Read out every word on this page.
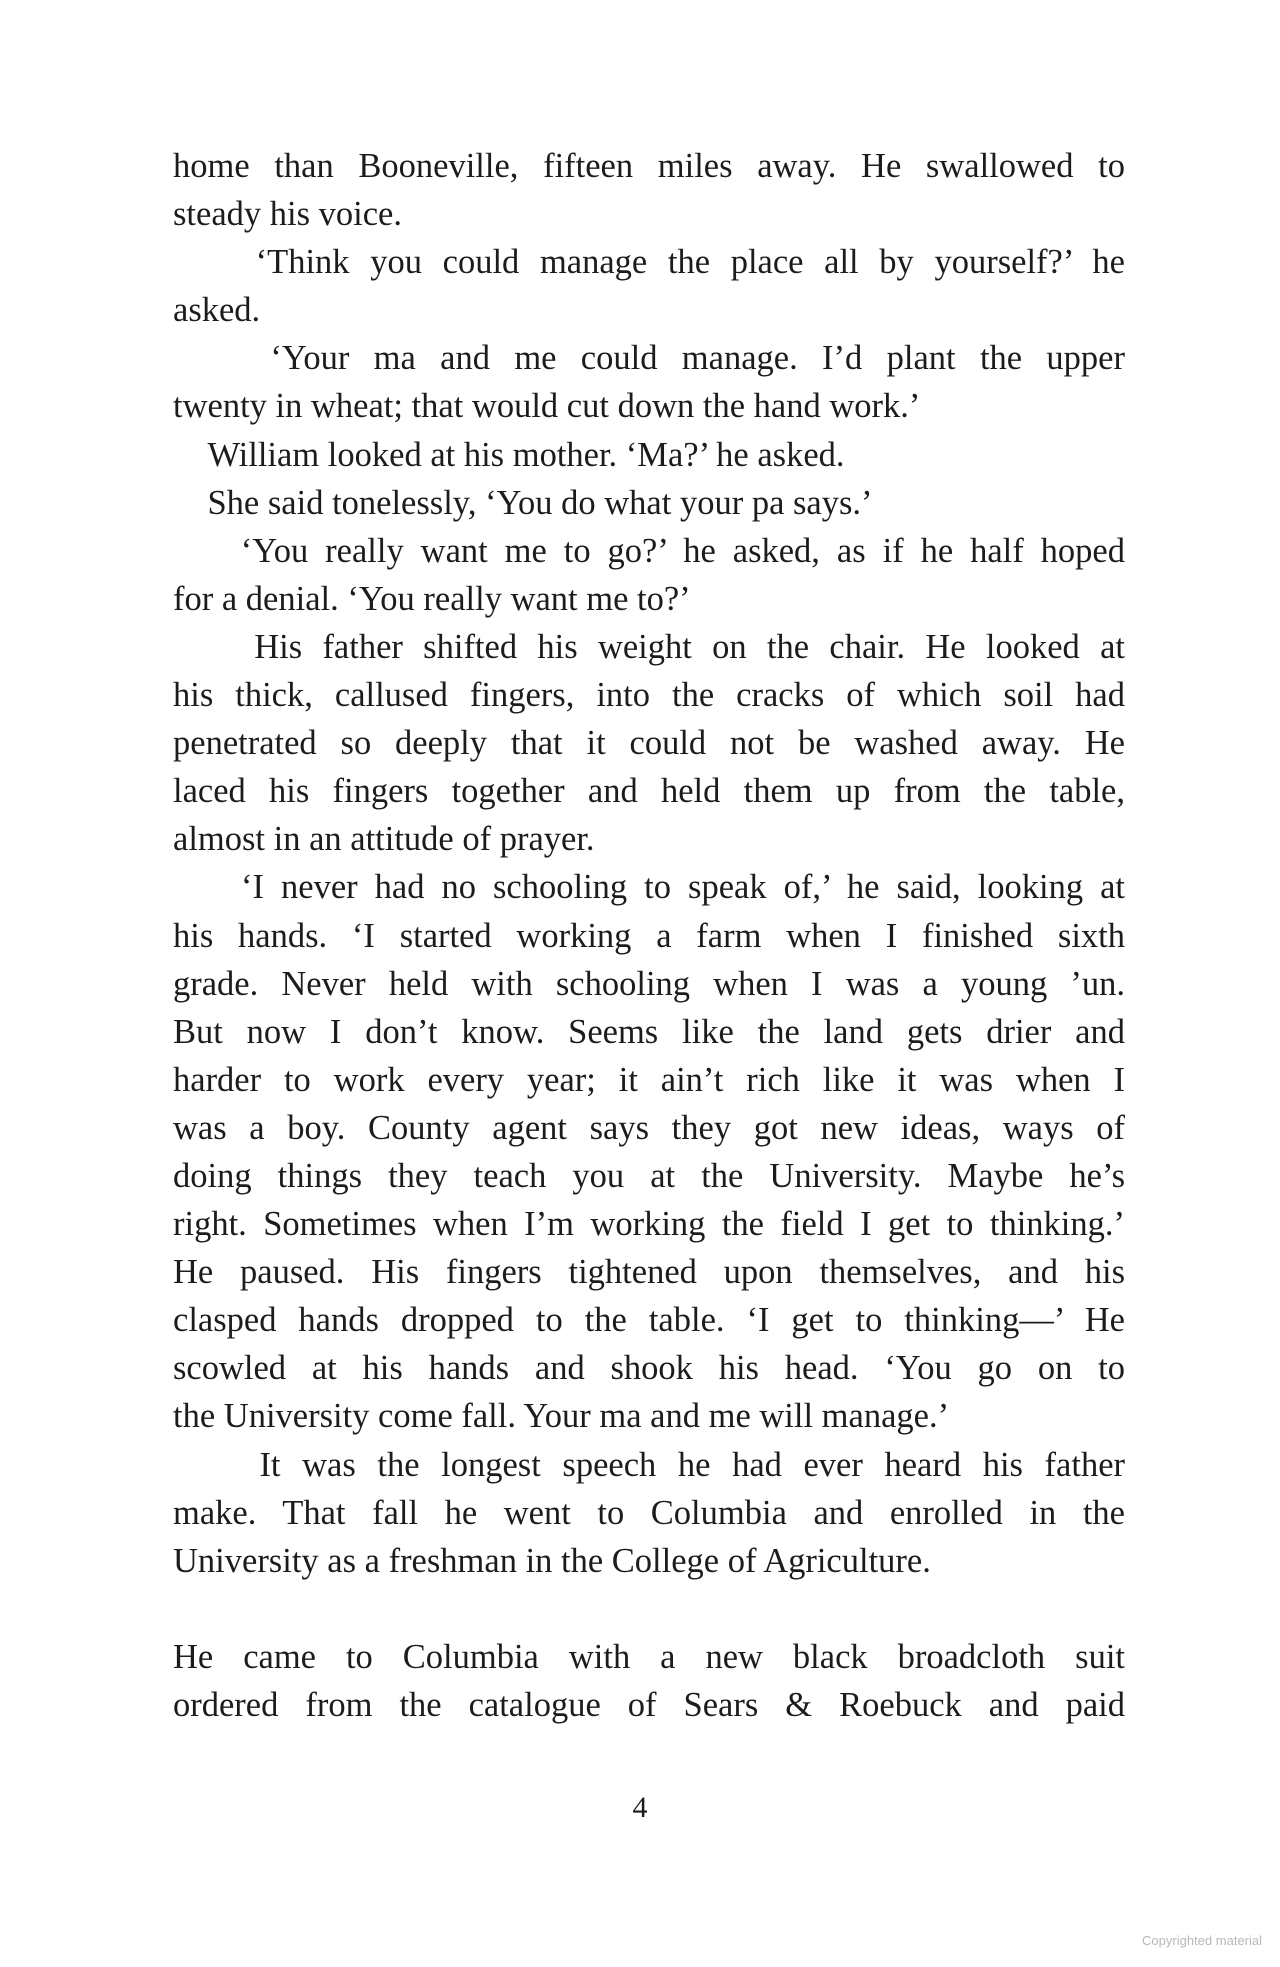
home than Booneville, fifteen miles away. He swallowed to
steady his voice.
‘Think you could manage the place all by yourself?’ he
asked.
‘Your ma and me could manage. I’d plant the upper
twenty in wheat; that would cut down the hand work.’
William looked at his mother. ‘Ma?’ he asked.
She said tonelessly, ‘You do what your pa says.’
‘You really want me to go?’ he asked, as if he half hoped
for a denial. ‘You really want me to?’
His father shifted his weight on the chair. He looked at
his thick, callused fingers, into the cracks of which soil had
penetrated so deeply that it could not be washed away. He
laced his fingers together and held them up from the table,
almost in an attitude of prayer.
‘I never had no schooling to speak of,’ he said, looking at
his hands. ‘I started working a farm when I finished sixth
grade. Never held with schooling when I was a young ’un.
But now I don’t know. Seems like the land gets drier and
harder to work every year; it ain’t rich like it was when I
was a boy. County agent says they got new ideas, ways of
doing things they teach you at the University. Maybe he’s
right. Sometimes when I’m working the field I get to thinking.’
He paused. His fingers tightened upon themselves, and his
clasped hands dropped to the table. ‘I get to thinking—’ He
scowled at his hands and shook his head. ‘You go on to
the University come fall. Your ma and me will manage.’
It was the longest speech he had ever heard his father
make. That fall he went to Columbia and enrolled in the
University as a freshman in the College of Agriculture.
He came to Columbia with a new black broadcloth suit
ordered from the catalogue of Sears & Roebuck and paid
4
Copyrighted material
